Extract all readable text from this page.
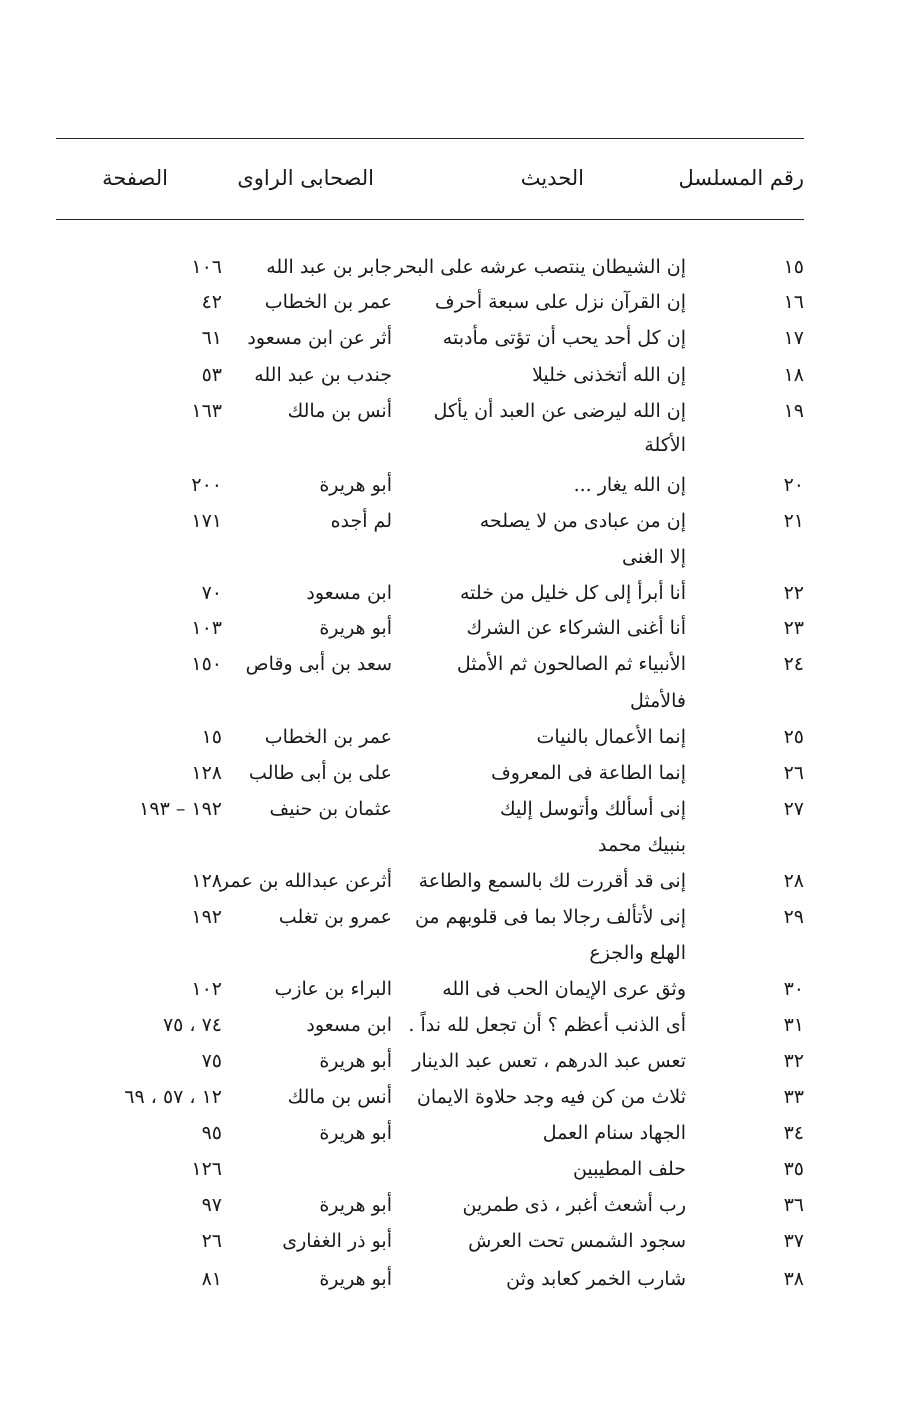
رقم المسلسل
الحديث
الصحابى الراوى
الصفحة
١٥
إن الشيطان ينتصب عرشه على البحر
جابر بن عبد الله
١٠٦
١٦
إن القرآن نزل على سبعة أحرف
عمر بن الخطاب
٤٢
١٧
إن كل أحد يحب أن تؤتى مأدبته
أثر عن ابن مسعود
٦١
١٨
إن الله أتخذنى خليلا
جندب بن عبد الله
٥٣
١٩
إن الله ليرضى عن العبد أن يأكل
أنس بن مالك
١٦٣
الأكلة
٢٠
إن الله يغار ...
أبو هريرة
٢٠٠
٢١
إن من عبادى من لا يصلحه
لم أجده
١٧١
إلا الغنى
٢٢
أنا أبرأ إلى كل خليل من خلته
ابن مسعود
٧٠
٢٣
أنا أغنى الشركاء عن الشرك
أبو هريرة
١٠٣
٢٤
الأنبياء ثم الصالحون ثم الأمثل
سعد بن أبى وقاص
١٥٠
فالأمثل
٢٥
إنما الأعمال بالنيات
عمر بن الخطاب
١٥
٢٦
إنما الطاعة فى المعروف
على بن أبى طالب
١٢٨
٢٧
إنى أسألك وأتوسل إليك
عثمان بن حنيف
١٩٢ – ١٩٣
بنبيك محمد
٢٨
إنى قد أقررت لك بالسمع والطاعة
أثرعن عبدالله بن عمر
١٢٨
٢٩
إنى لأتألف رجالا بما فى قلوبهم من
عمرو بن تغلب
١٩٢
الهلع والجزع
٣٠
وثق عرى الإيمان الحب فى الله
البراء بن عازب
١٠٢
٣١
أى الذنب أعظم ؟ أن تجعل لله نداً .
ابن مسعود
٧٤ ، ٧٥
٣٢
تعس عبد الدرهم ، تعس عبد الدينار
أبو هريرة
٧٥
٣٣
ثلاث من كن فيه وجد حلاوة الايمان
أنس بن مالك
١٢ ، ٥٧ ، ٦٩
٣٤
الجهاد سنام العمل
أبو هريرة
٩٥
٣٥
حلف المطيبين
١٢٦
٣٦
رب أشعث أغبر ، ذى طمرين
أبو هريرة
٩٧
٣٧
سجود الشمس تحت العرش
أبو ذر الغفارى
٢٦
٣٨
شارب الخمر كعابد وثن
أبو هريرة
٨١
